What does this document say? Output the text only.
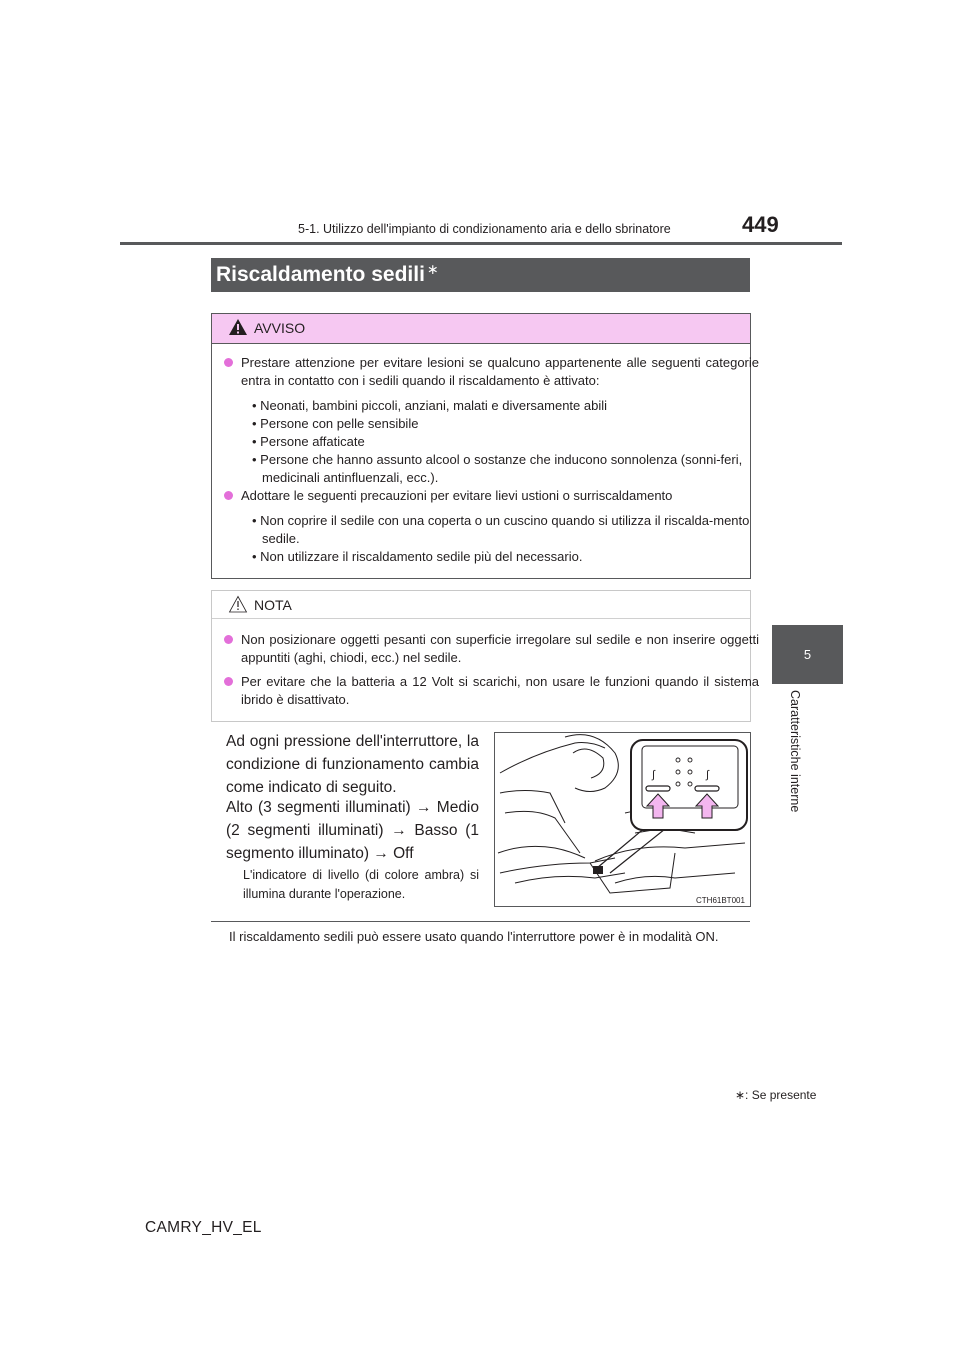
5-1. Utilizzo dell'impianto di condizionamento aria e dello sbrinatore	449
5
Caratteristiche interne
Riscaldamento sedili∗
AVVISO
Prestare attenzione per evitare lesioni se qualcuno appartenente alle seguenti categorie entra in contatto con i sedili quando il riscaldamento è attivato:
• Neonati, bambini piccoli, anziani, malati e diversamente abili
• Persone con pelle sensibile
• Persone affaticate
• Persone che hanno assunto alcool o sostanze che inducono sonnolenza (sonni-feri, medicinali antinfluenzali, ecc.).
Adottare le seguenti precauzioni per evitare lievi ustioni o surriscaldamento
• Non coprire il sedile con una coperta o un cuscino quando si utilizza il riscalda-mento sedile.
• Non utilizzare il riscaldamento sedile più del necessario.
NOTA
Non posizionare oggetti pesanti con superficie irregolare sul sedile e non inserire oggetti appuntiti (aghi, chiodi, ecc.) nel sedile.
Per evitare che la batteria a 12 Volt si scarichi, non usare le funzioni quando il sistema ibrido è disattivato.
Ad ogni pressione dell'interruttore, la condizione di funzionamento cambia come indicato di seguito.
Alto (3 segmenti illuminati) → Medio (2 segmenti illuminati) → Basso (1 segmento illuminato) → Off
L'indicatore di livello (di colore ambra) si illumina durante l'operazione.
∫	∫
CTH61BT001
Il riscaldamento sedili può essere usato quando l'interruttore power è in modalità ON.
∗: Se presente
CAMRY_HV_EL
